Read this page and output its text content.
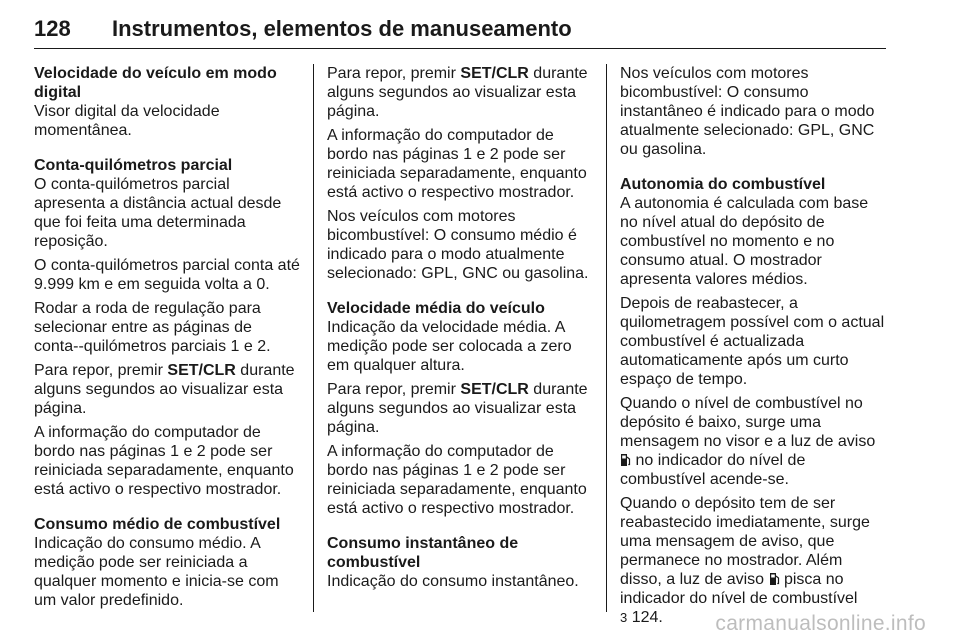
128 Instrumentos, elementos de manuseamento
Velocidade do veículo em modo digital

Visor digital da velocidade momentânea.

Conta-quilómetros parcial

O conta-quilómetros parcial apresenta a distância actual desde que foi feita uma determinada reposição.

O conta-quilómetros parcial conta até 9.999 km e em seguida volta a 0.

Rodar a roda de regulação para selecionar entre as páginas de conta--quilómetros parciais 1 e 2.

Para repor, premir SET/CLR durante alguns segundos ao visualizar esta página.

A informação do computador de bordo nas páginas 1 e 2 pode ser reiniciada separadamente, enquanto está activo o respectivo mostrador.

Consumo médio de combustível

Indicação do consumo médio. A medição pode ser reiniciada a qualquer momento e inicia-se com um valor predefinido.

Para repor, premir SET/CLR durante alguns segundos ao visualizar esta página.

A informação do computador de bordo nas páginas 1 e 2 pode ser reiniciada separadamente, enquanto está activo o respectivo mostrador.

Nos veículos com motores bicombustível: O consumo médio é indicado para o modo atualmente selecionado: GPL, GNC ou gasolina.

Velocidade média do veículo

Indicação da velocidade média. A medição pode ser colocada a zero em qualquer altura.

Para repor, premir SET/CLR durante alguns segundos ao visualizar esta página.

A informação do computador de bordo nas páginas 1 e 2 pode ser reiniciada separadamente, enquanto está activo o respectivo mostrador.

Consumo instantâneo de combustível

Indicação do consumo instantâneo.

Nos veículos com motores bicombustível: O consumo instantâneo é indicado para o modo atualmente selecionado: GPL, GNC ou gasolina.

Autonomia do combustível

A autonomia é calculada com base no nível atual do depósito de combustível no momento e no consumo atual. O mostrador apresenta valores médios.

Depois de reabastecer, a quilometragem possível com o actual combustível é actualizada automaticamente após um curto espaço de tempo.

Quando o nível de combustível no depósito é baixo, surge uma mensagem no visor e a luz de aviso  no indicador do nível de combustível acende-se.

Quando o depósito tem de ser reabastecido imediatamente, surge uma mensagem de aviso, que permanece no mostrador. Além disso, a luz de aviso  pisca no indicador do nível de combustível
3 124.	carmanualsonline.info
